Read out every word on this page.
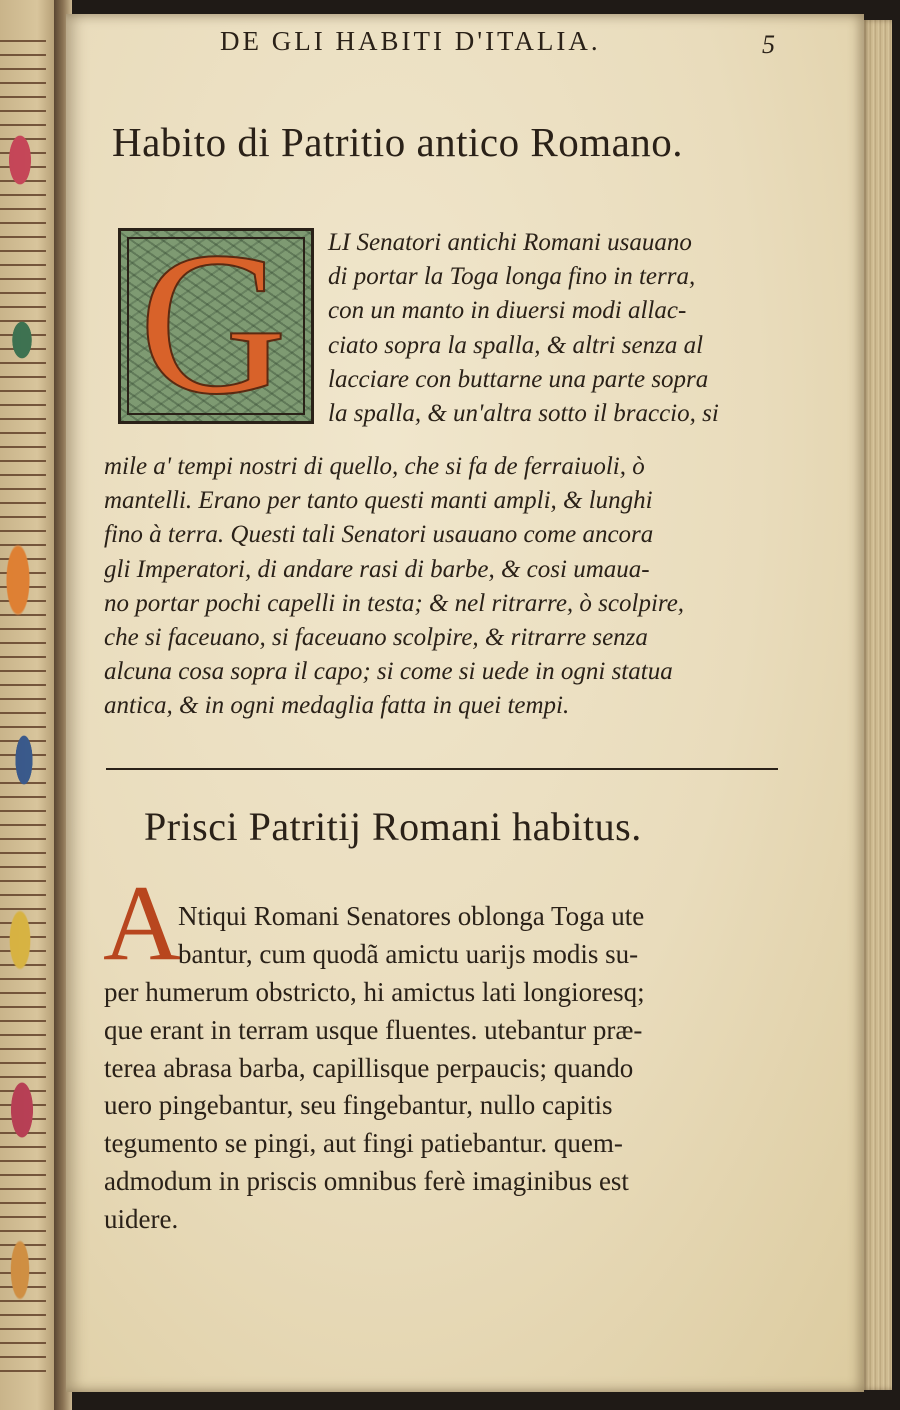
DE GLI HABITI D'ITALIA.	5
Habito di Patritio antico Romano.
G LI Senatori antichi Romani usauano
di portar la Toga longa fino in terra,
con un manto in diuersi modi allac-
ciato sopra la spalla, & altri senza al
lacciare con buttarne una parte sopra
la spalla, & un'altra sotto il braccio, si
mile a' tempi nostri di quello, che si fa de ferraiuoli, ò
mantelli. Erano per tanto questi manti ampli, & lunghi
fino à terra. Questi tali Senatori usauano come ancora
gli Imperatori, di andare rasi di barbe, & cosi umaua-
no portar pochi capelli in testa; & nel ritrarre, ò scolpire,
che si faceuano, si faceuano scolpire, & ritrarre senza
alcuna cosa sopra il capo; si come si uede in ogni statua
antica, & in ogni medaglia fatta in quei tempi.
Prisci Patritij Romani habitus.
A
Ntiqui Romani Senatores oblonga Toga ute
bantur, cum quodã amictu uarijs modis su-
per humerum obstricto, hi amictus lati longioresq;
que erant in terram usque fluentes. utebantur præ-
terea abrasa barba, capillisque perpaucis; quando
uero pingebantur, seu fingebantur, nullo capitis
tegumento se pingi, aut fingi patiebantur. quem-
admodum in priscis omnibus ferè imaginibus est
uidere.
